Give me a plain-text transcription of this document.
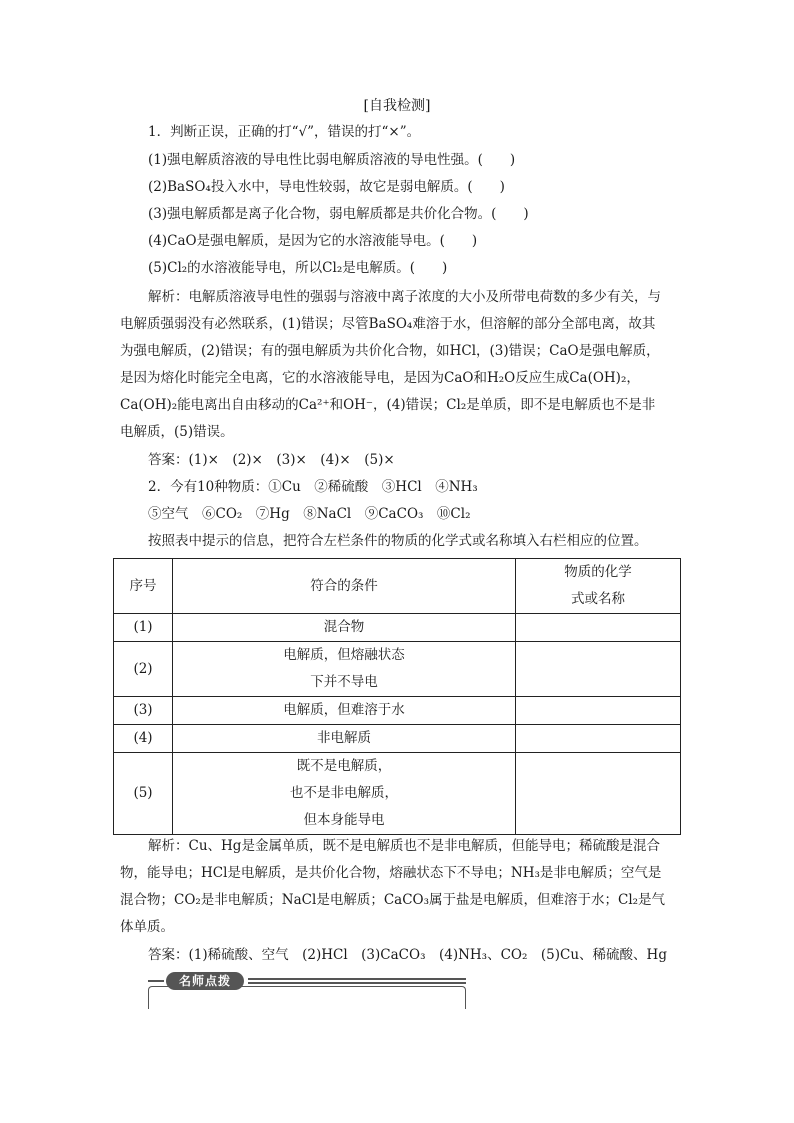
[自我检测]
1．判断正误，正确的打“√”，错误的打“×”。
(1)强电解质溶液的导电性比弱电解质溶液的导电性强。(　　)
(2)BaSO₄投入水中，导电性较弱，故它是弱电解质。(　　)
(3)强电解质都是离子化合物，弱电解质都是共价化合物。(　　)
(4)CaO是强电解质，是因为它的水溶液能导电。(　　)
(5)Cl₂的水溶液能导电，所以Cl₂是电解质。(　　)
解析：电解质溶液导电性的强弱与溶液中离子浓度的大小及所带电荷数的多少有关，与
电解质强弱没有必然联系，(1)错误；尽管BaSO₄难溶于水，但溶解的部分全部电离，故其
为强电解质，(2)错误；有的强电解质为共价化合物，如HCl，(3)错误；CaO是强电解质，
是因为熔化时能完全电离，它的水溶液能导电，是因为CaO和H₂O反应生成Ca(OH)₂，
Ca(OH)₂能电离出自由移动的Ca²⁺和OH⁻，(4)错误；Cl₂是单质，即不是电解质也不是非
电解质，(5)错误。
答案：(1)×　(2)×　(3)×　(4)×　(5)×
2．今有10种物质：①Cu　②稀硫酸　③HCl　④NH₃
⑤空气　⑥CO₂　⑦Hg　⑧NaCl　⑨CaCO₃　⑩Cl₂
按照表中提示的信息，把符合左栏条件的物质的化学式或名称填入右栏相应的位置。
序号	符合的条件	物质的化学
式或名称

(1)	混合物	
(2)	电解质，但熔融状态
下并不导电	

(3)	电解质，但难溶于水	
(4)	非电解质	
(5)	既不是电解质，
也不是非电解质，
但本身能导电	

解析：Cu、Hg是金属单质，既不是电解质也不是非电解质，但能导电；稀硫酸是混合
物，能导电；HCl是电解质，是共价化合物，熔融状态下不导电；NH₃是非电解质；空气是
混合物；CO₂是非电解质；NaCl是电解质；CaCO₃属于盐是电解质，但难溶于水；Cl₂是气
体单质。
答案：(1)稀硫酸、空气　(2)HCl　(3)CaCO₃　(4)NH₃、CO₂　(5)Cu、稀硫酸、Hg
名师点拨
